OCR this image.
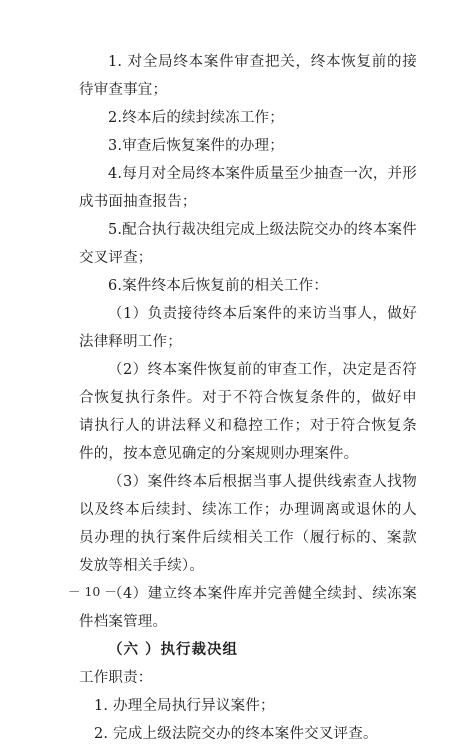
1. 对全局终本案件审查把关，终本恢复前的接待审查事宜；

2.终本后的续封续冻工作；

3.审查后恢复案件的办理；

4.每月对全局终本案件质量至少抽查一次，并形成书面抽查报告；

5.配合执行裁决组完成上级法院交办的终本案件交叉评查；

6.案件终本后恢复前的相关工作：

（1）负责接待终本后案件的来访当事人，做好法律释明工作；

（2）终本案件恢复前的审查工作，决定是否符合恢复执行条件。对于不符合恢复条件的，做好申请执行人的讲法释义和稳控工作；对于符合恢复条件的，按本意见确定的分案规则办理案件。

（3）案件终本后根据当事人提供线索查人找物以及终本后续封、续冻工作；办理调离或退休的人员办理的执行案件后续相关工作（履行标的、案款发放等相关手续）。

（4）建立终本案件库并完善健全续封、续冻案件档案管理。

（六 ）执行裁决组

工作职责：

1. 办理全局执行异议案件；

2. 完成上级法院交办的终本案件交叉评查。

－ 10 －
